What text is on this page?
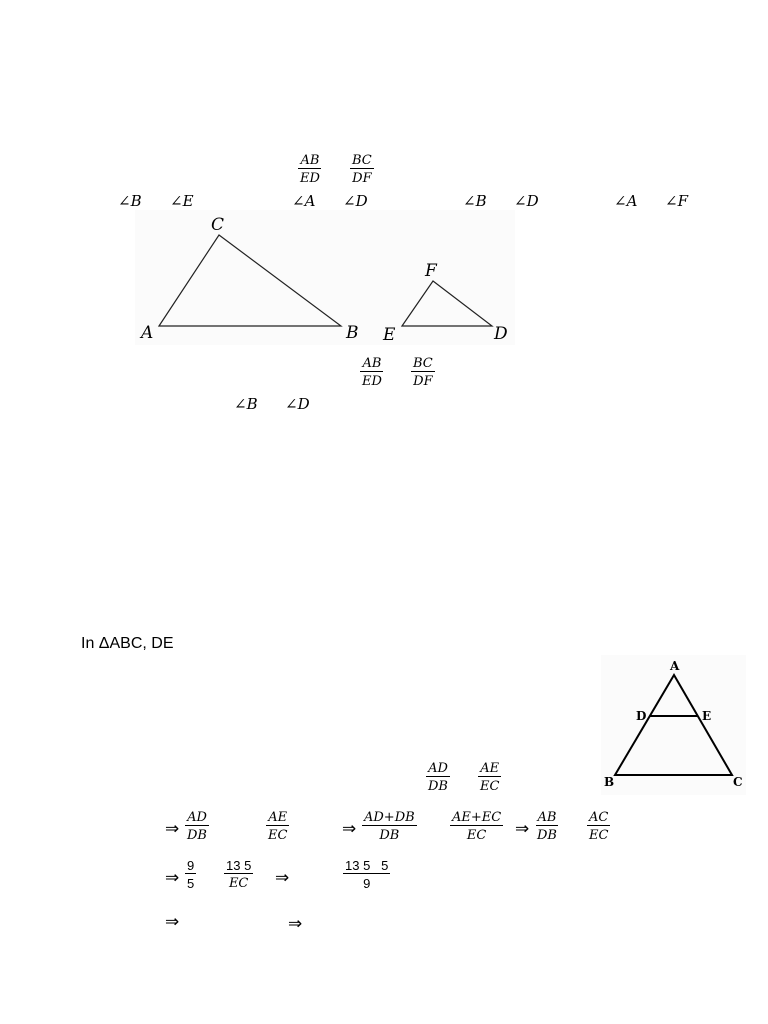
$\frac{AB}{ED} \frac{BC}{DF}$
∠B ∠E	∠A ∠D	∠B ∠D	∠A ∠F
A	B
C
E	D
F
$\frac{AB}{ED} \frac{BC}{DF}$
∠B ∠D
In ΔABC, DE
A
B	C
D	E
$\frac{AD}{DB} \frac{AE}{EC}$
⇒ $\frac{AD}{DB}$	$\frac{AE}{EC}$	⇒ $\frac{AD+DB}{DB}$	$\frac{AE+EC}{EC}$ ⇒ $\frac{AB}{DB} \frac{AC}{EC}$
⇒ $\frac{9}{5} \frac{13 5}{EC}$ ⇒	$\frac{13 5 5}{9}$
⇒	⇒
